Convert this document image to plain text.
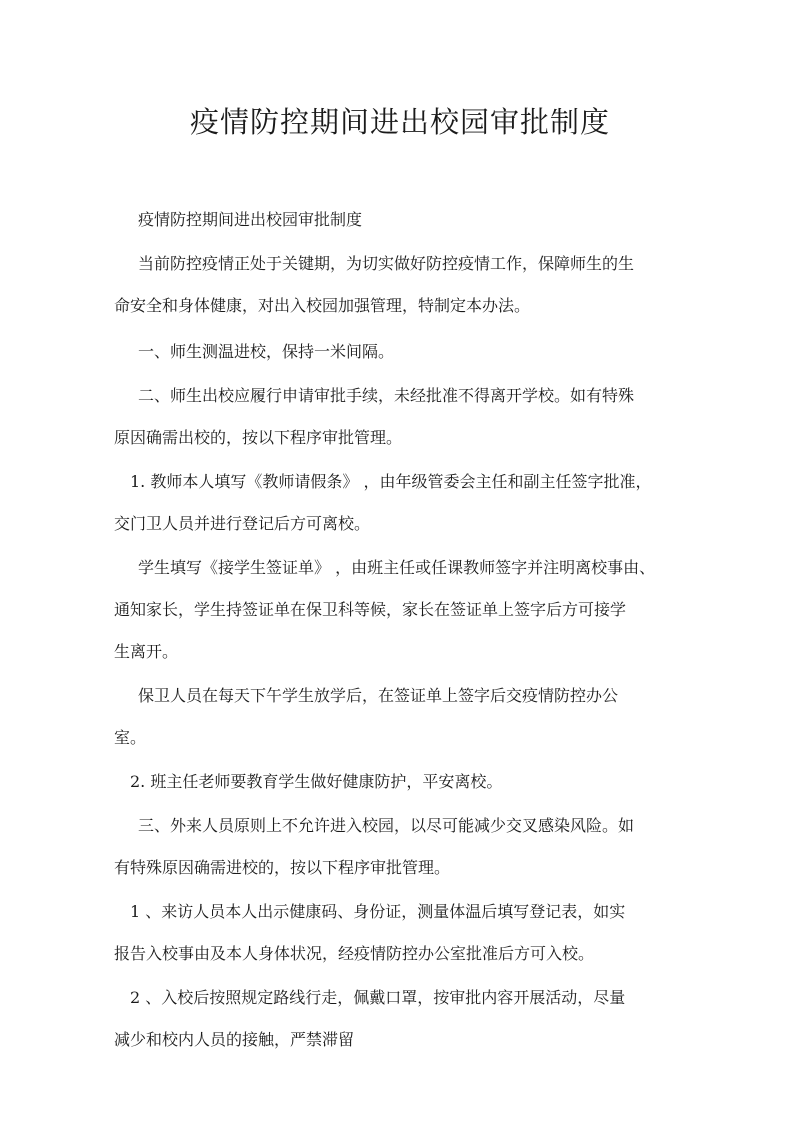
疫情防控期间进出校园审批制度

疫情防控期间进出校园审批制度

当前防控疫情正处于关键期，为切实做好防控疫情工作，保障师生的生

命安全和身体健康，对出入校园加强管理，特制定本办法。

一、师生测温进校，保持一米间隔。

二、师生出校应履行申请审批手续，未经批准不得离开学校。如有特殊

原因确需出校的，按以下程序审批管理。

1. 教师本人填写《教师请假条》 ，由年级管委会主任和副主任签字批准，

交门卫人员并进行登记后方可离校。

学生填写《接学生签证单》 ，由班主任或任课教师签字并注明离校事由、

通知家长，学生持签证单在保卫科等候，家长在签证单上签字后方可接学

生离开。

保卫人员在每天下午学生放学后，在签证单上签字后交疫情防控办公

室。

2. 班主任老师要教育学生做好健康防护，平安离校。

三、外来人员原则上不允许进入校园，以尽可能减少交叉感染风险。如

有特殊原因确需进校的，按以下程序审批管理。

1 、来访人员本人出示健康码、身份证，测量体温后填写登记表，如实

报告入校事由及本人身体状况，经疫情防控办公室批准后方可入校。

2 、入校后按照规定路线行走，佩戴口罩，按审批内容开展活动，尽量

减少和校内人员的接触，严禁滞留
